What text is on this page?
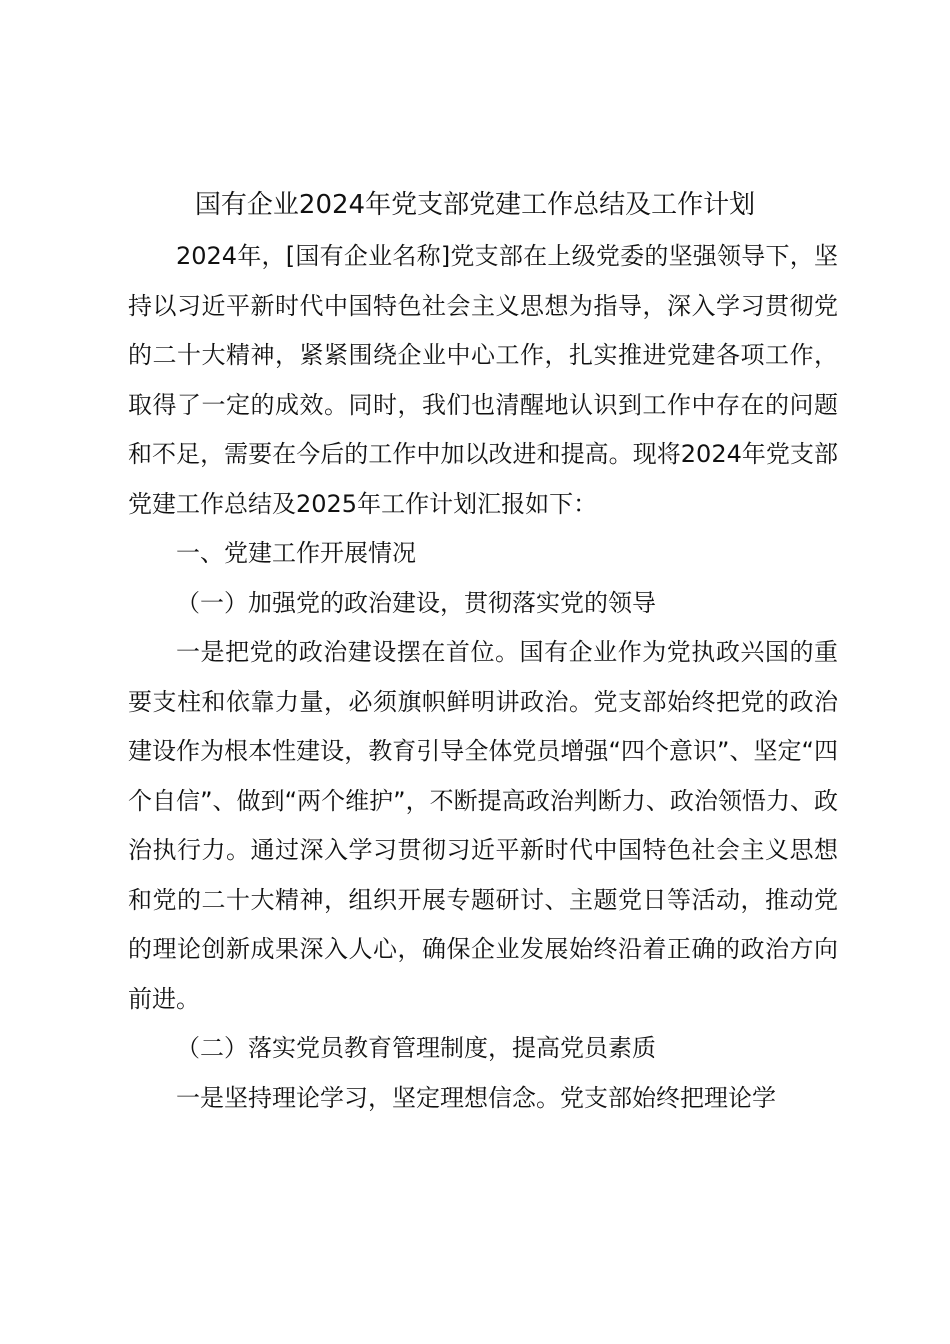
国有企业2024年党支部党建工作总结及工作计划

2024年，[国有企业名称]党支部在上级党委的坚强领导下，坚持以习近平新时代中国特色社会主义思想为指导，深入学习贯彻党的二十大精神，紧紧围绕企业中心工作，扎实推进党建各项工作，取得了一定的成效。同时，我们也清醒地认识到工作中存在的问题和不足，需要在今后的工作中加以改进和提高。现将2024年党支部党建工作总结及2025年工作计划汇报如下：

一、党建工作开展情况

（一）加强党的政治建设，贯彻落实党的领导

一是把党的政治建设摆在首位。国有企业作为党执政兴国的重要支柱和依靠力量，必须旗帜鲜明讲政治。党支部始终把党的政治建设作为根本性建设，教育引导全体党员增强“四个意识”、坚定“四个自信”、做到“两个维护”，不断提高政治判断力、政治领悟力、政治执行力。通过深入学习贯彻习近平新时代中国特色社会主义思想和党的二十大精神，组织开展专题研讨、主题党日等活动，推动党的理论创新成果深入人心，确保企业发展始终沿着正确的政治方向前进。

（二）落实党员教育管理制度，提高党员素质

一是坚持理论学习，坚定理想信念。党支部始终把理论学
